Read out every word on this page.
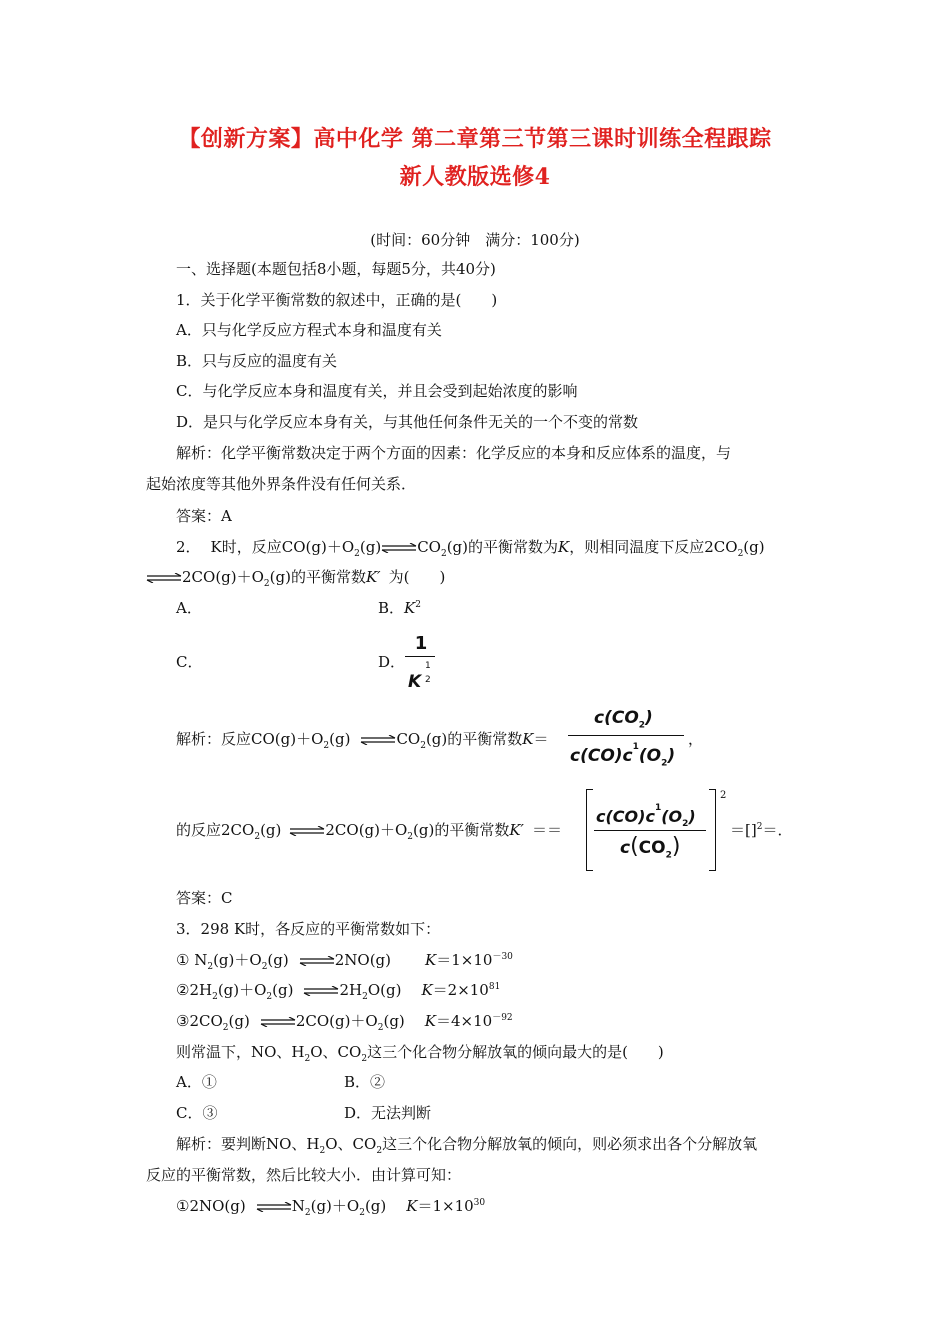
【创新方案】高中化学 第二章第三节第三课时训练全程跟踪
新人教版选修4
(时间：60分钟　满分：100分)
一、选择题(本题包括8小题，每题5分，共40分)
1．关于化学平衡常数的叙述中，正确的是(　　)
A．只与化学反应方程式本身和温度有关
B．只与反应的温度有关
C．与化学反应本身和温度有关，并且会受到起始浓度的影响
D．是只与化学反应本身有关，与其他任何条件无关的一个不变的常数
解析：化学平衡常数决定于两个方面的因素：化学反应的本身和反应体系的温度，与
起始浓度等其他外界条件没有任何关系．
答案：A
2． K时，反应$CO(g)+O_2(g)\rightleftharpoons CO_2(g)$的平衡常数为K，则相同温度下反应$2CO_2(g)$
$\rightleftharpoons 2CO(g)+O_2(g)$的平衡常数K′ 为(　　)
A．	B．$K^2$
C．	D．
1
K
1
2
解析：反应$CO(g)+O_2(g)$ $\rightleftharpoons CO_2(g)$的平衡常数K＝
$c(CO_2)$
$c(CO)c^1(O_2)$
，
的反应$2CO_2(g)$ $\rightleftharpoons 2CO(g)+O_2(g)$的平衡常数K′ ＝＝
2
$c(CO)c^1(O_2)$
$c(CO_2)$
＝[]$^2$＝．
答案：C
3．298 K时，各反应的平衡常数如下：
① $N_2(g)+O_2(g)$ ⇌2NO(g) $K=1\times 10^{-30}$
$②2H_2(g)+O_2(g)$ $\rightleftharpoons 2H_2O(g)$ $K=2\times 10^{81}$
$③2CO_2(g)$ $\rightleftharpoons 2CO(g)+O_2(g)$ $K=4\times 10^{-92}$
则常温下，NO、$H_2O$、$CO_2$这三个化合物分解放氧的倾向最大的是(　　)
A．①	B．②
C．③	D．无法判断
解析：要判断NO、$H_2O$、$CO_2$这三个化合物分解放氧的倾向，则必须求出各个分解放氧
反应的平衡常数，然后比较大小．由计算可知：
①2NO(g) $\rightleftharpoons N_2(g)+O_2(g)$ $K=1\times 10^{30}$
